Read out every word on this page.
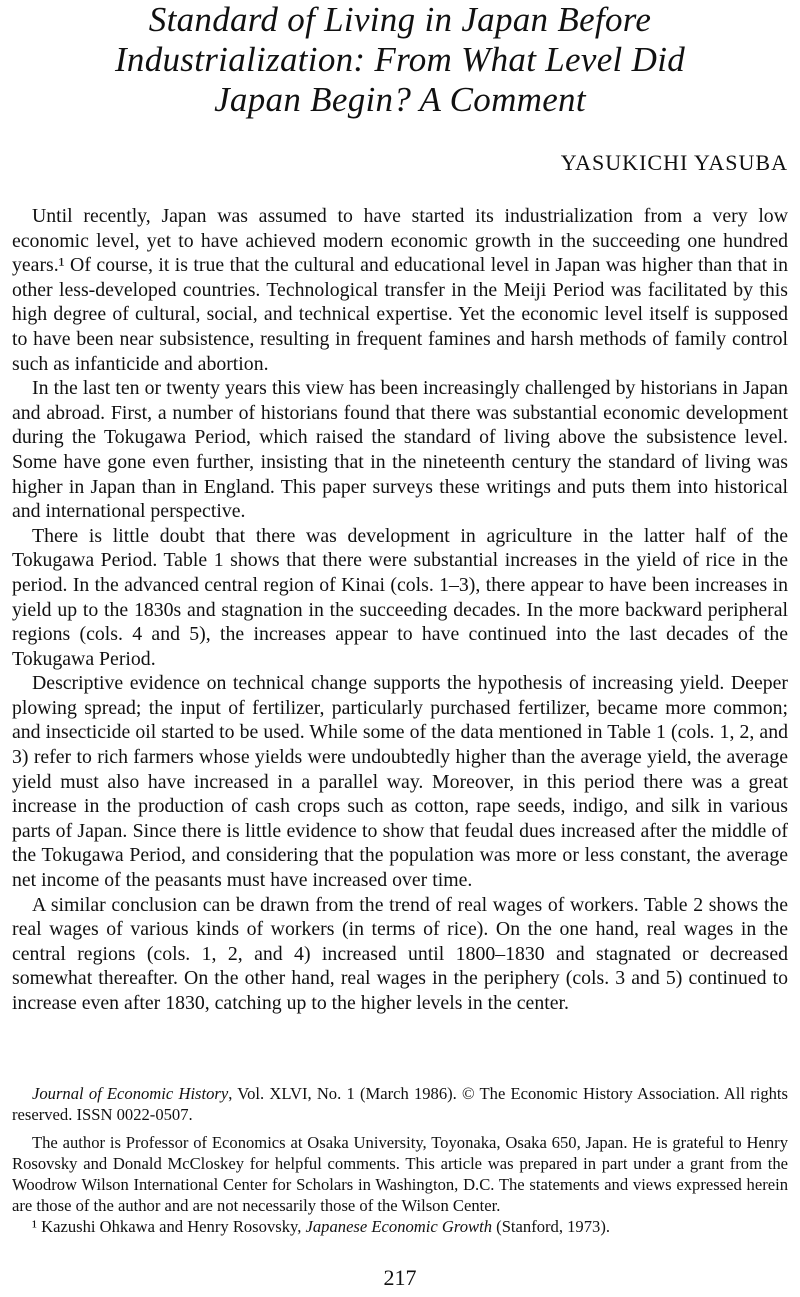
Standard of Living in Japan Before
Industrialization: From What Level Did
Japan Begin? A Comment

YASUKICHI YASUBA

Until recently, Japan was assumed to have started its industrialization from a very low economic level, yet to have achieved modern economic growth in the succeeding one hundred years.¹ Of course, it is true that the cultural and educational level in Japan was higher than that in other less-developed countries. Technological transfer in the Meiji Period was facilitated by this high degree of cultural, social, and technical expertise. Yet the economic level itself is supposed to have been near subsistence, resulting in frequent famines and harsh methods of family control such as infanticide and abortion.

In the last ten or twenty years this view has been increasingly challenged by historians in Japan and abroad. First, a number of historians found that there was substantial economic development during the Tokugawa Period, which raised the standard of living above the subsistence level. Some have gone even further, insisting that in the nineteenth century the standard of living was higher in Japan than in England. This paper surveys these writings and puts them into historical and international perspective.

There is little doubt that there was development in agriculture in the latter half of the Tokugawa Period. Table 1 shows that there were substantial increases in the yield of rice in the period. In the advanced central region of Kinai (cols. 1–3), there appear to have been increases in yield up to the 1830s and stagnation in the succeeding decades. In the more backward peripheral regions (cols. 4 and 5), the increases appear to have continued into the last decades of the Tokugawa Period.

Descriptive evidence on technical change supports the hypothesis of increasing yield. Deeper plowing spread; the input of fertilizer, particularly purchased fertilizer, became more common; and insecticide oil started to be used. While some of the data mentioned in Table 1 (cols. 1, 2, and 3) refer to rich farmers whose yields were undoubtedly higher than the average yield, the average yield must also have increased in a parallel way. Moreover, in this period there was a great increase in the production of cash crops such as cotton, rape seeds, indigo, and silk in various parts of Japan. Since there is little evidence to show that feudal dues increased after the middle of the Tokugawa Period, and considering that the population was more or less constant, the average net income of the peasants must have increased over time.

A similar conclusion can be drawn from the trend of real wages of workers. Table 2 shows the real wages of various kinds of workers (in terms of rice). On the one hand, real wages in the central regions (cols. 1, 2, and 4) increased until 1800–1830 and stagnated or decreased somewhat thereafter. On the other hand, real wages in the periphery (cols. 3 and 5) continued to increase even after 1830, catching up to the higher levels in the center.

Journal of Economic History, Vol. XLVI, No. 1 (March 1986). © The Economic History Association. All rights reserved. ISSN 0022-0507.

The author is Professor of Economics at Osaka University, Toyonaka, Osaka 650, Japan. He is grateful to Henry Rosovsky and Donald McCloskey for helpful comments. This article was prepared in part under a grant from the Woodrow Wilson International Center for Scholars in Washington, D.C. The statements and views expressed herein are those of the author and are not necessarily those of the Wilson Center.

¹ Kazushi Ohkawa and Henry Rosovsky, Japanese Economic Growth (Stanford, 1973).

217
